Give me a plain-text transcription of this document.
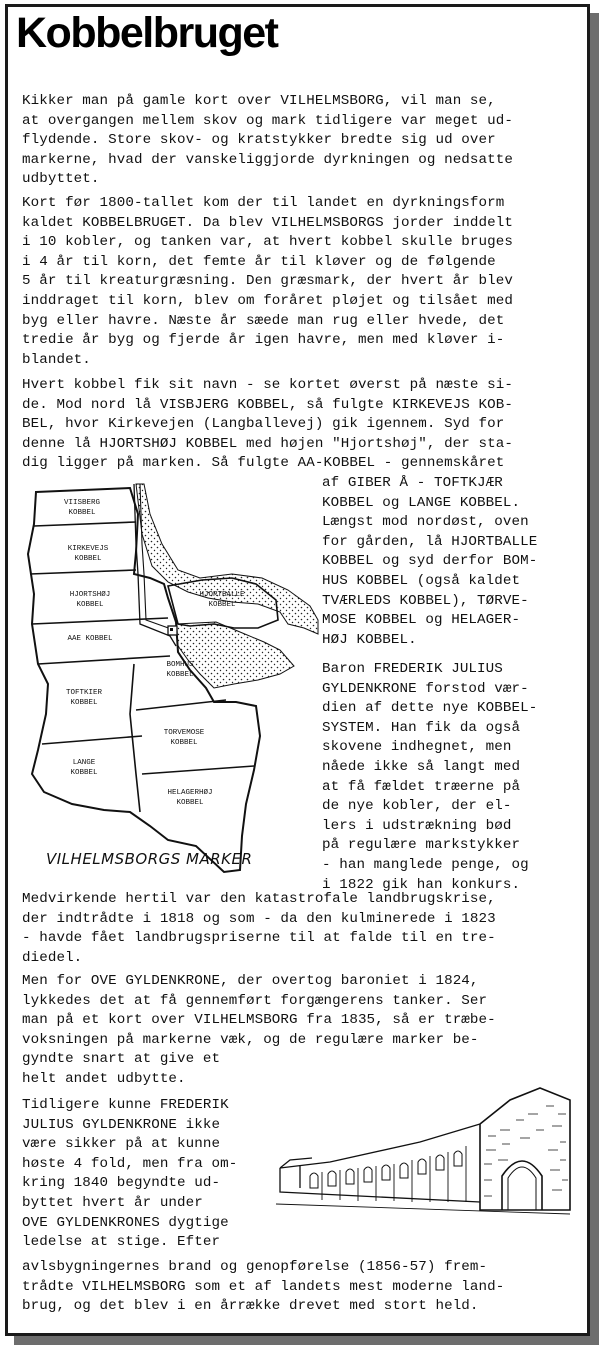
Kobbelbruget
Kikker man på gamle kort over VILHELMSBORG, vil man se,
at overgangen mellem skov og mark tidligere var meget ud-
flydende. Store skov- og kratstykker bredte sig ud over
markerne, hvad der vanskeliggjorde dyrkningen og nedsatte
udbyttet.
Kort før 1800-tallet kom der til landet en dyrkningsform
kaldet KOBBELBRUGET. Da blev VILHELMSBORGS jorder inddelt
i 10 kobler, og tanken var, at hvert kobbel skulle bruges
i 4 år til korn, det femte år til kløver og de følgende
5 år til kreaturgræsning. Den græsmark, der hvert år blev
inddraget til korn, blev om foråret pløjet og tilsået med
byg eller havre. Næste år sæede man rug eller hvede, det
tredie år byg og fjerde år igen havre, men med kløver i-
blandet.
Hvert kobbel fik sit navn - se kortet øverst på næste si-
de. Mod nord lå VISBJERG KOBBEL, så fulgte KIRKEVEJS KOB-
BEL, hvor Kirkevejen (Langballevej) gik igennem. Syd for
denne lå HJORTSHØJ KOBBEL med højen "Hjortshøj", der sta-
dig ligger på marken. Så fulgte AA-KOBBEL - gennemskåret
af GIBER Å - TOFTKJÆR
KOBBEL og LANGE KOBBEL.
Længst mod nordøst, oven
for gården, lå HJORTBALLE
KOBBEL og syd derfor BOM-
HUS KOBBEL (også kaldet
TVÆRLEDS KOBBEL), TØRVE-
MOSE KOBBEL og HELAGER-
HØJ KOBBEL.
Baron FREDERIK JULIUS
GYLDENKRONE forstod vær-
dien af dette nye KOBBEL-
SYSTEM. Han fik da også
skovene indhegnet, men
nåede ikke så langt med
at få fældet træerne på
de nye kobler, der el-
lers i udstrækning bød
på regulære markstykker
- han manglede penge, og
i 1822 gik han konkurs.
Medvirkende hertil var den katastrofale landbrugskrise,
der indtrådte i 1818 og som - da den kulminerede i 1823
- havde fået landbrugspriserne til at falde til en tre-
diedel.
Men for OVE GYLDENKRONE, der overtog baroniet i 1824,
lykkedes det at få gennemført forgængerens tanker. Ser
man på et kort over VILHELMSBORG fra 1835, så er træbe-
voksningen på markerne væk, og de regulære marker be-
gyndte snart at give et
helt andet udbytte.
Tidligere kunne FREDERIK
JULIUS GYLDENKRONE ikke
være sikker på at kunne
høste 4 fold, men fra om-
kring 1840 begyndte ud-
byttet hvert år under
OVE GYLDENKRONES dygtige
ledelse at stige. Efter
avlsbygningernes brand og genopførelse (1856-57) frem-
trådte VILHELMSBORG som et af landets mest moderne land-
brug, og det blev i en årrække drevet med stort held.
VIISBERG
KOBBEL
KIRKEVEJS
KOBBEL
HJORTSHØJ
KOBBEL
HJORTBALLE
KOBBEL
AAE KOBBEL
BOMHUS
KOBBEL
TOFTKIER
KOBBEL
TORVEMOSE
KOBBEL
LANGE
KOBBEL
HELAGERHØJ
KOBBEL
VILHELMSBORGS MARKER
